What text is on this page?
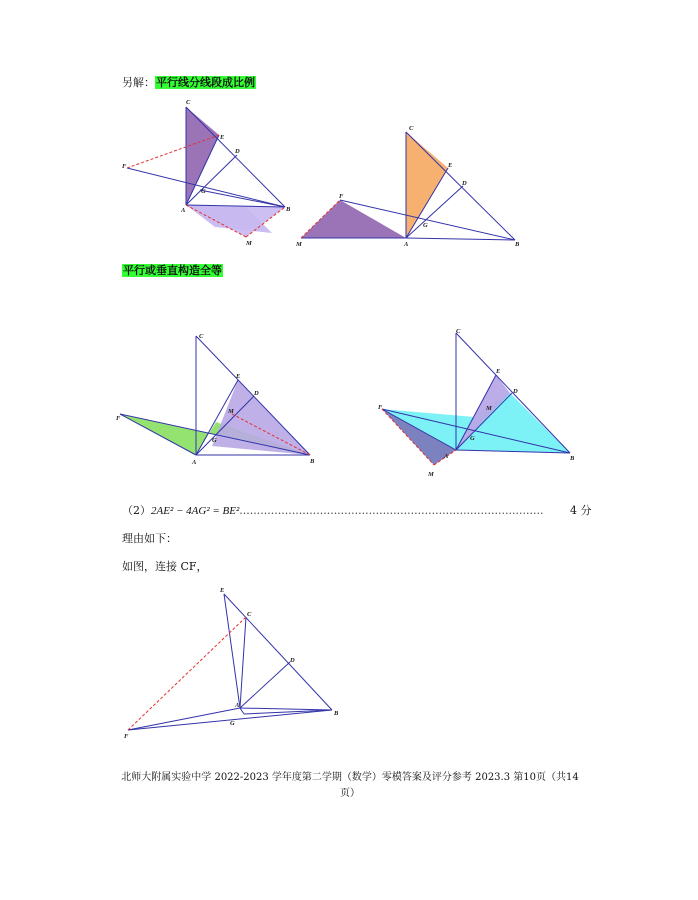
另解：平行线分线段成比例
C
E
D
F
G
A	B
M
C
E
D
F
G
A	B
M
平行或垂直构造全等
C
E
D
M
F
G
A	B
C
E
D
M
F
G
A	B
M
（2）2AE² − 4AG² = BE².......................................................................................	4 分
理由如下：
如图，连接 CF，
E
C
D
A
F
G
B
北师大附属实验中学 2022-2023 学年度第二学期（数学）零模答案及评分参考 2023.3 第10页（共14
页）
